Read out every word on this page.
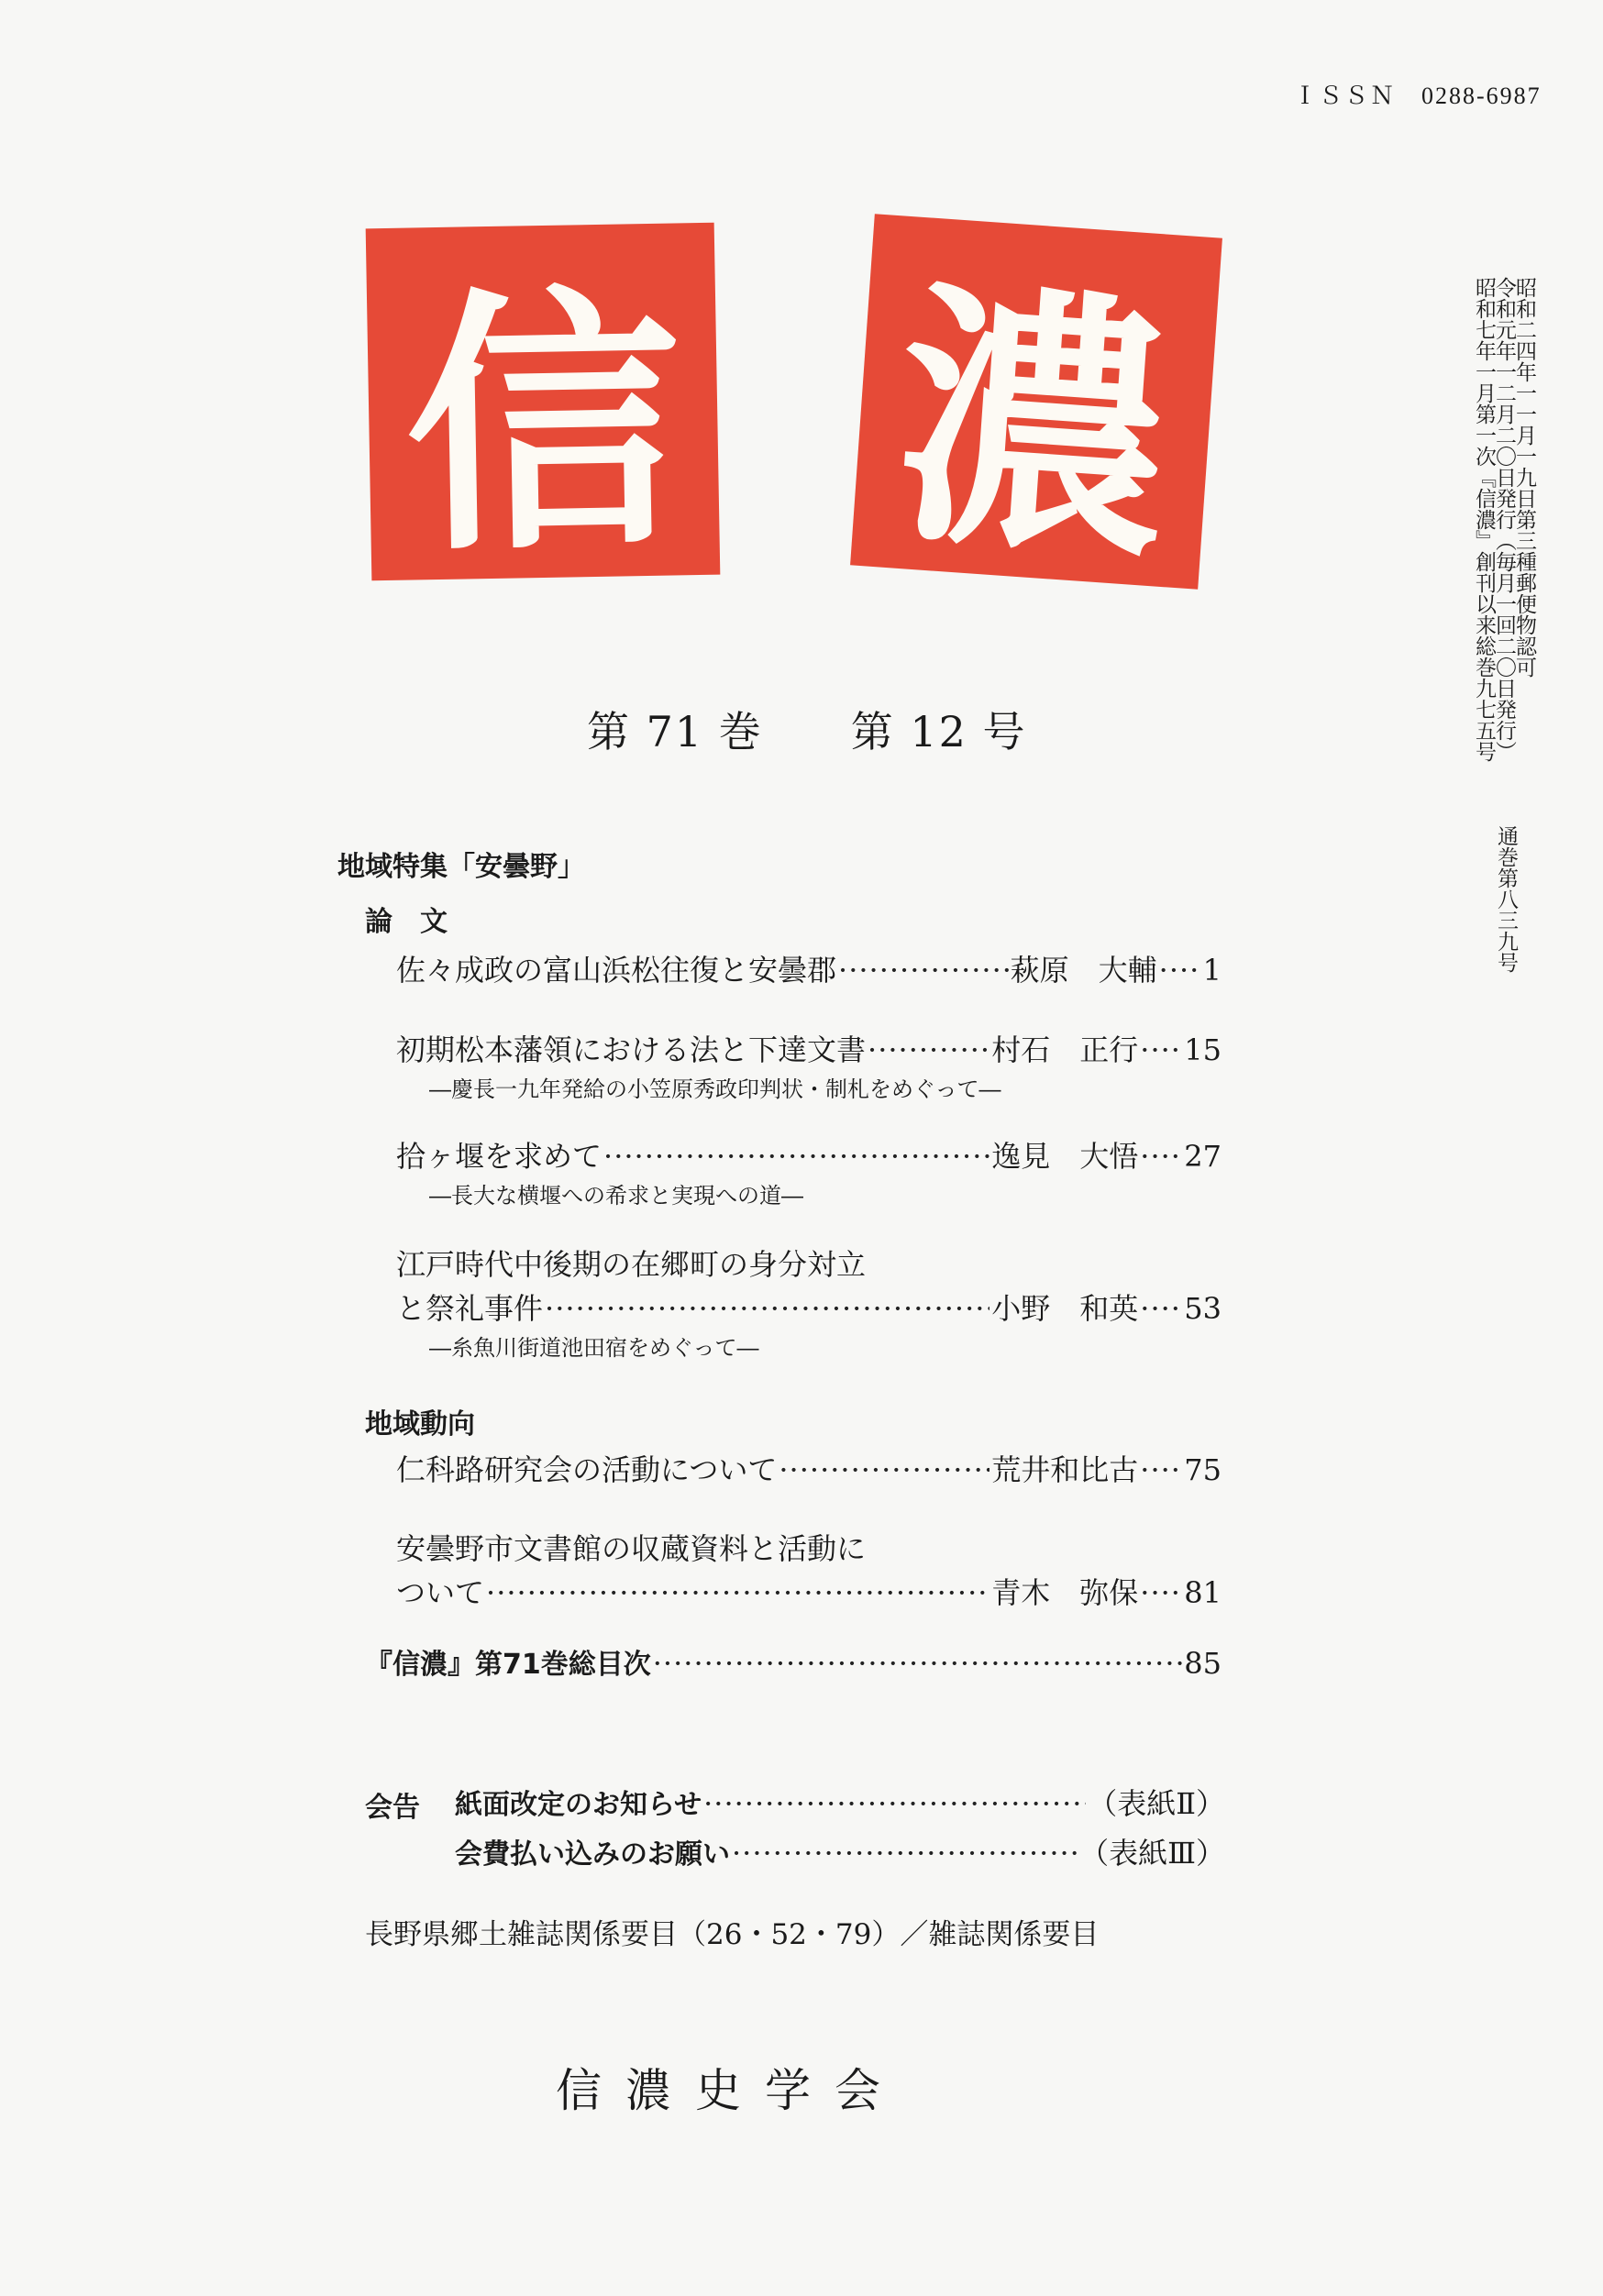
ＩＳＳＮ　0288-6987
信 濃
第 71 巻　　第 12 号	昭和七年一月第一次『信濃』創刊以来総巻九七五号
令和元年一二月二〇日発行（毎月一回二〇日発行）
昭和二四年一一月一九日第三種郵便物認可
通巻第八三九号
地域特集「安曇野」
論　文
佐々成政の富山浜松往復と安曇郡 ·····	萩原　大輔 ····· 1
初期松本藩領における法と下達文書 ·····	村石　正行 ····· 15
―慶長一九年発給の小笠原秀政印判状・制札をめぐって―
拾ヶ堰を求めて ·····	逸見　大悟 ····· 27
―長大な横堰への希求と実現への道―
江戸時代中後期の在郷町の身分対立
と祭礼事件 ·····	小野　和英 ····· 53
―糸魚川街道池田宿をめぐって―
地域動向
仁科路研究会の活動について ·····	荒井和比古 ····· 75
安曇野市文書館の収蔵資料と活動に
ついて ·····	青木　弥保 ····· 81
『信濃』第71巻総目次 ·····	85
会告 紙面改定のお知らせ ·····	（表紙Ⅱ）
会費払い込みのお願い ·····	（表紙Ⅲ）
長野県郷土雑誌関係要目（26・52・79）／雑誌関係要目
信濃史学会
